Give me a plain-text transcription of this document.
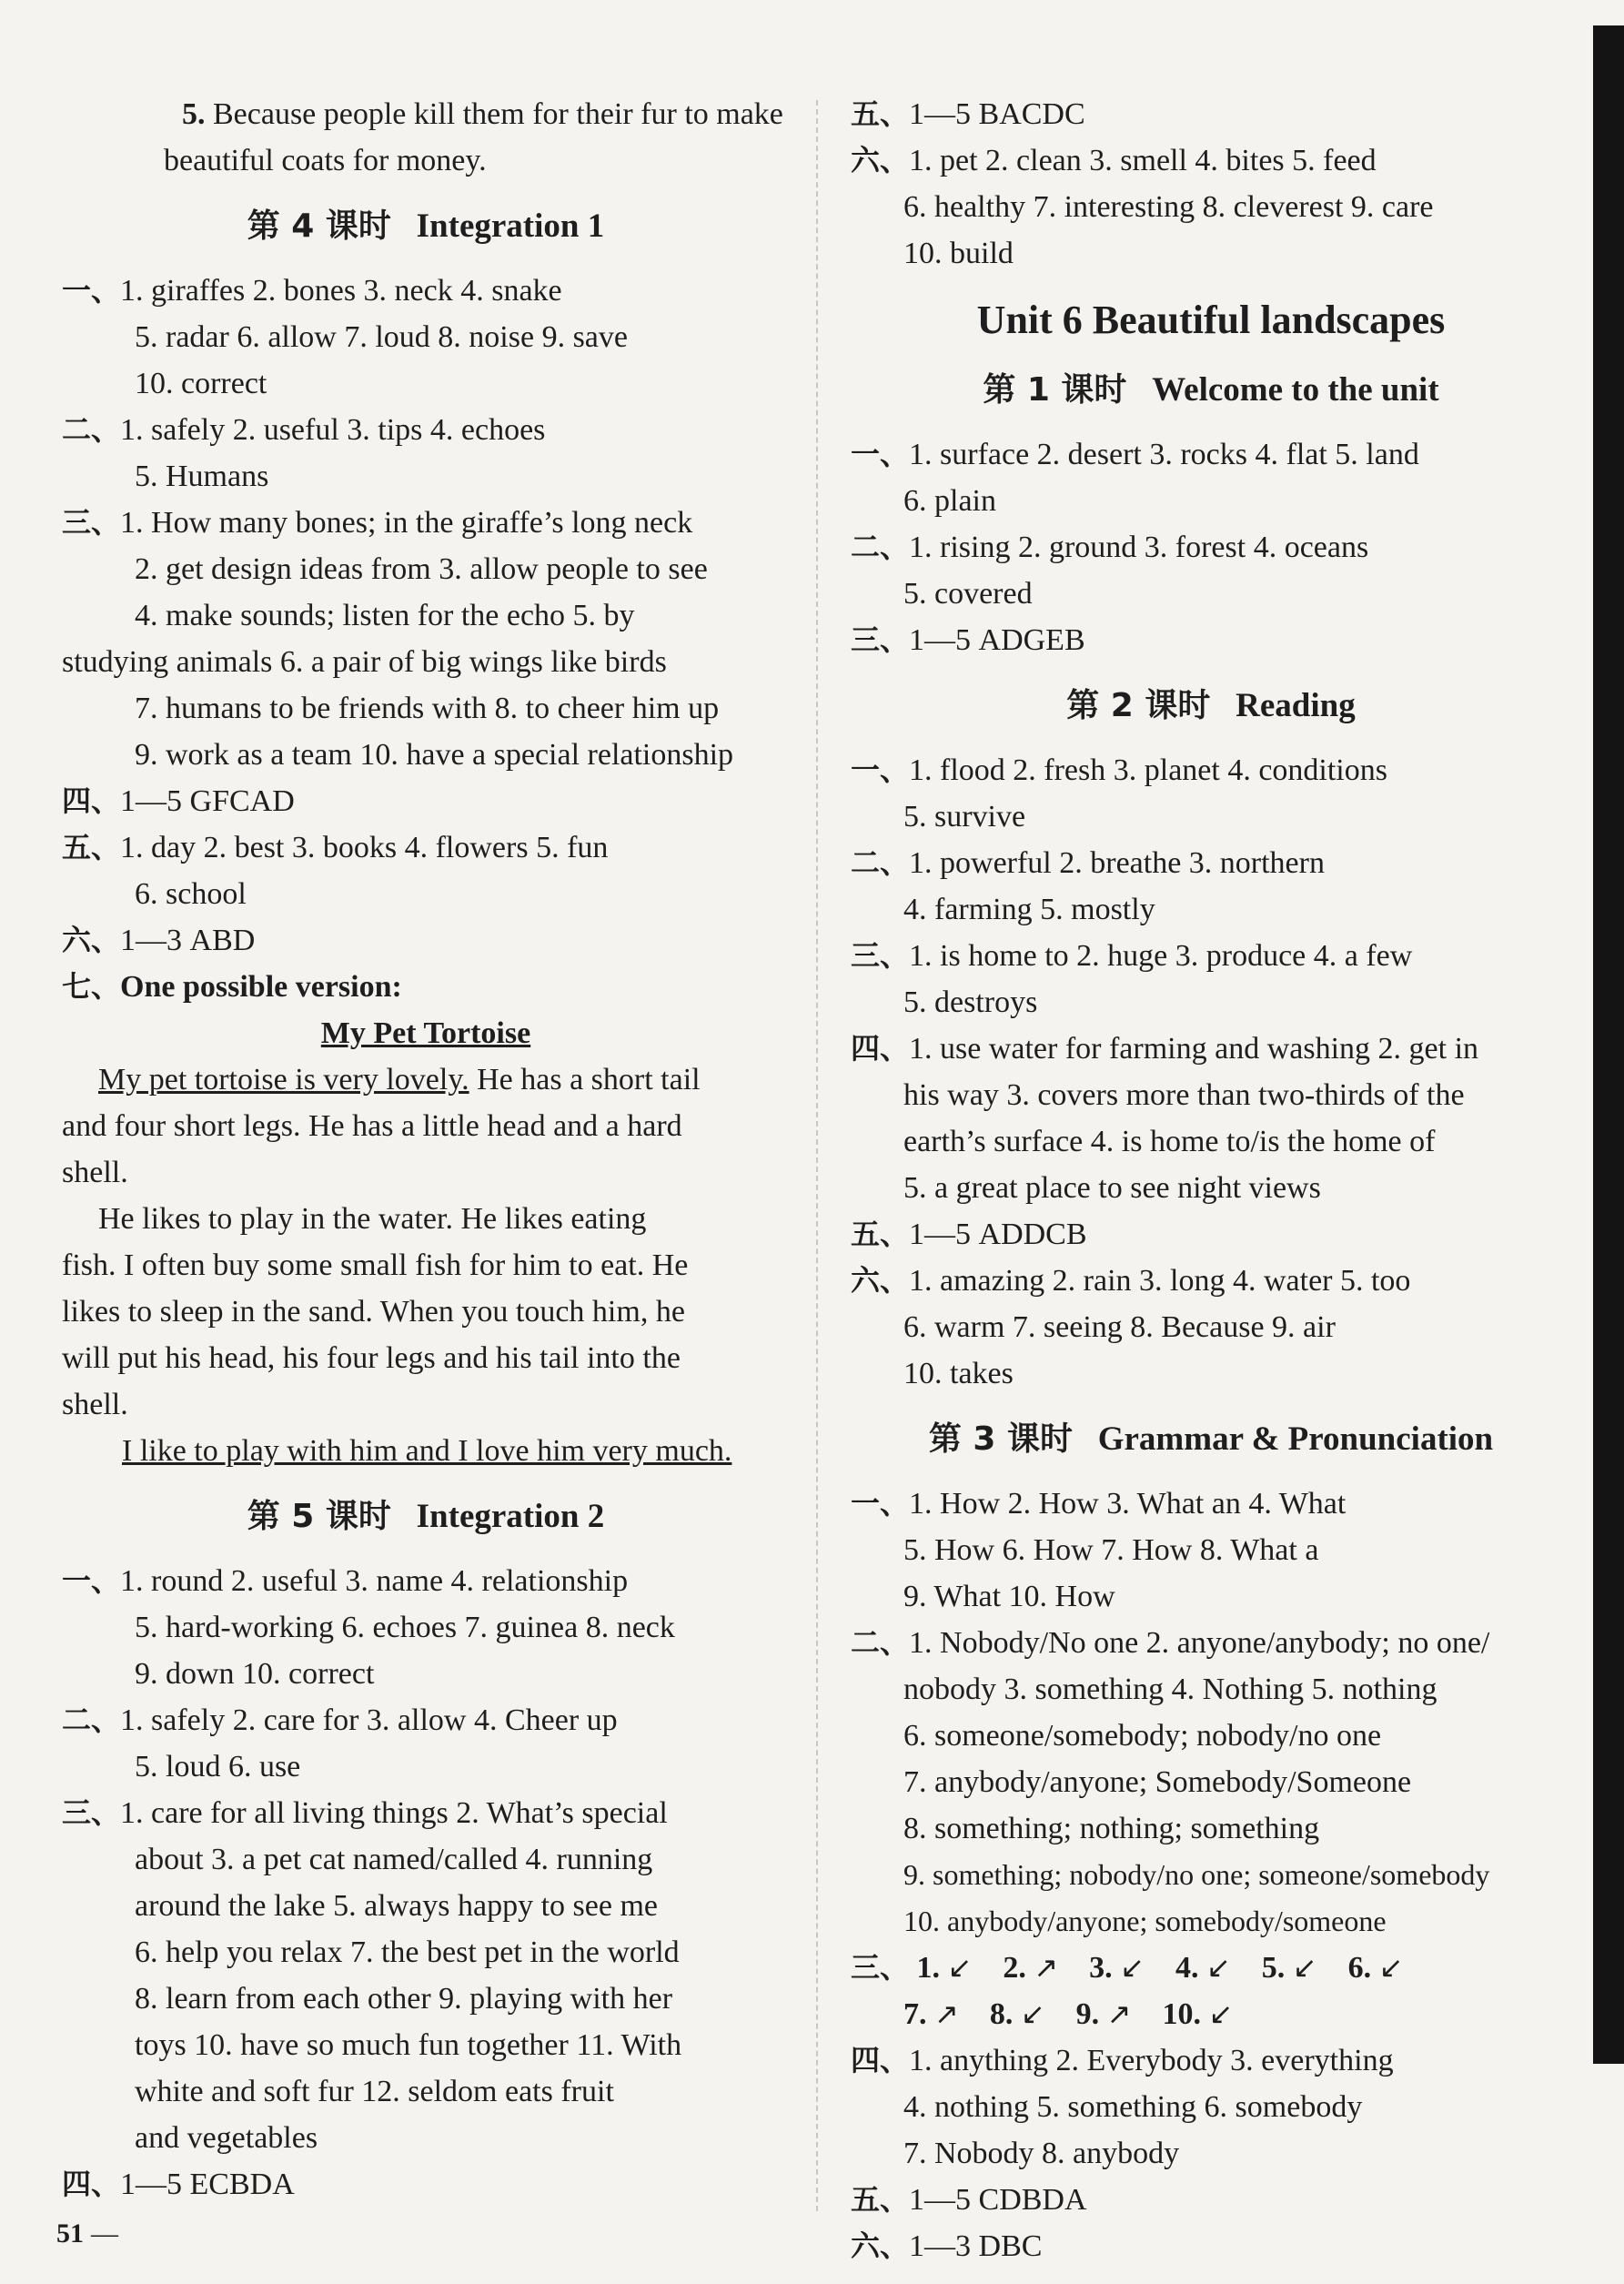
5. Because people kill them for their fur to make
beautiful coats for money.
第 4 课时 Integration 1
一、1. giraffes 2. bones 3. neck 4. snake
5. radar 6. allow 7. loud 8. noise 9. save
10. correct
二、1. safely 2. useful 3. tips 4. echoes
5. Humans
三、1. How many bones; in the giraffe’s long neck
2. get design ideas from 3. allow people to see
4. make sounds; listen for the echo 5. by
studying animals 6. a pair of big wings like birds
7. humans to be friends with 8. to cheer him up
9. work as a team 10. have a special relationship
四、1—5 GFCAD
五、1. day 2. best 3. books 4. flowers 5. fun
6. school
六、1—3 ABD
七、One possible version:
My Pet Tortoise
My pet tortoise is very lovely. He has a short tail
and four short legs. He has a little head and a hard
shell.
He likes to play in the water. He likes eating
fish. I often buy some small fish for him to eat. He
likes to sleep in the sand. When you touch him, he
will put his head, his four legs and his tail into the
shell.
I like to play with him and I love him very much.
第 5 课时 Integration 2
一、1. round 2. useful 3. name 4. relationship
5. hard-working 6. echoes 7. guinea 8. neck
9. down 10. correct
二、1. safely 2. care for 3. allow 4. Cheer up
5. loud 6. use
三、1. care for all living things 2. What’s special
about 3. a pet cat named/called 4. running
around the lake 5. always happy to see me
6. help you relax 7. the best pet in the world
8. learn from each other 9. playing with her
toys 10. have so much fun together 11. With
white and soft fur 12. seldom eats fruit
and vegetables
四、1—5 ECBDA
五、1—5 BACDC
六、1. pet 2. clean 3. smell 4. bites 5. feed
6. healthy 7. interesting 8. cleverest 9. care
10. build
Unit 6 Beautiful landscapes
第 1 课时 Welcome to the unit
一、1. surface 2. desert 3. rocks 4. flat 5. land
6. plain
二、1. rising 2. ground 3. forest 4. oceans
5. covered
三、1—5 ADGEB
第 2 课时 Reading
一、1. flood 2. fresh 3. planet 4. conditions
5. survive
二、1. powerful 2. breathe 3. northern
4. farming 5. mostly
三、1. is home to 2. huge 3. produce 4. a few
5. destroys
四、1. use water for farming and washing 2. get in
his way 3. covers more than two-thirds of the
earth’s surface 4. is home to/is the home of
5. a great place to see night views
五、1—5 ADDCB
六、1. amazing 2. rain 3. long 4. water 5. too
6. warm 7. seeing 8. Because 9. air
10. takes
第 3 课时 Grammar & Pronunciation
一、1. How 2. How 3. What an 4. What
5. How 6. How 7. How 8. What a
9. What 10. How
二、1. Nobody/No one 2. anyone/anybody; no one/
nobody 3. something 4. Nothing 5. nothing
6. someone/somebody; nobody/no one
7. anybody/anyone; Somebody/Someone
8. something; nothing; something
9. something; nobody/no one; someone/somebody
10. anybody/anyone; somebody/someone
三、 1. ↙ 2. ↗ 3. ↙ 4. ↙ 5. ↙ 6. ↙
7. ↗ 8. ↙ 9. ↗ 10. ↙
四、1. anything 2. Everybody 3. everything
4. nothing 5. something 6. somebody
7. Nobody 8. anybody
五、1—5 CDBDA
六、1—3 DBC
51 —
